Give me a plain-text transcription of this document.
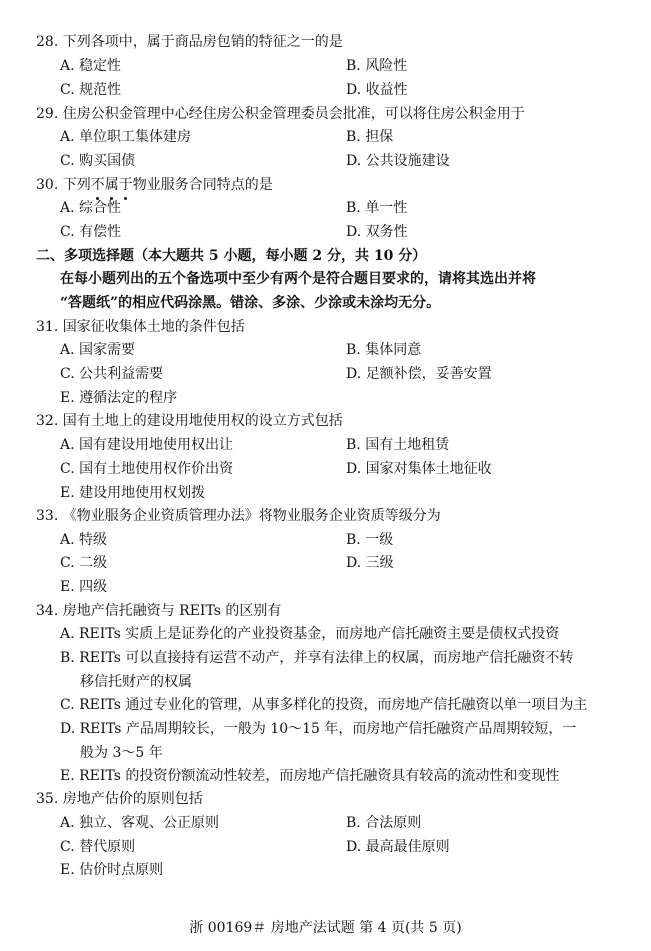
28. 下列各项中，属于商品房包销的特征之一的是
A. 稳定性	B. 风险性
C. 规范性	D. 收益性
29. 住房公积金管理中心经住房公积金管理委员会批准，可以将住房公积金用于
A. 单位职工集体建房	B. 担保
C. 购买国债	D. 公共设施建设
30. 下列不属于物业服务合同特点的是
A. 综合性	B. 单一性
C. 有偿性	D. 双务性
二、多项选择题（本大题共 5 小题，每小题 2 分，共 10 分）
在每小题列出的五个备选项中至少有两个是符合题目要求的，请将其选出并将
“答题纸”的相应代码涂黑。错涂、多涂、少涂或未涂均无分。
31. 国家征收集体土地的条件包括
A. 国家需要	B. 集体同意
C. 公共利益需要	D. 足额补偿，妥善安置
E. 遵循法定的程序
32. 国有土地上的建设用地使用权的设立方式包括
A. 国有建设用地使用权出让	B. 国有土地租赁
C. 国有土地使用权作价出资	D. 国家对集体土地征收
E. 建设用地使用权划拨
33. 《物业服务企业资质管理办法》将物业服务企业资质等级分为
A. 特级	B. 一级
C. 二级	D. 三级
E. 四级
34. 房地产信托融资与 REITs 的区别有
A. REITs 实质上是证券化的产业投资基金，而房地产信托融资主要是债权式投资
B. REITs 可以直接持有运营不动产，并享有法律上的权属，而房地产信托融资不转
移信托财产的权属
C. REITs 通过专业化的管理，从事多样化的投资，而房地产信托融资以单一项目为主
D. REITs 产品周期较长，一般为 10～15 年，而房地产信托融资产品周期较短，一
般为 3～5 年
E. REITs 的投资份额流动性较差，而房地产信托融资具有较高的流动性和变现性
35. 房地产估价的原则包括
A. 独立、客观、公正原则	B. 合法原则
C. 替代原则	D. 最高最佳原则
E. 估价时点原则
浙 00169＃ 房地产法试题 第 4 页(共 5 页)
